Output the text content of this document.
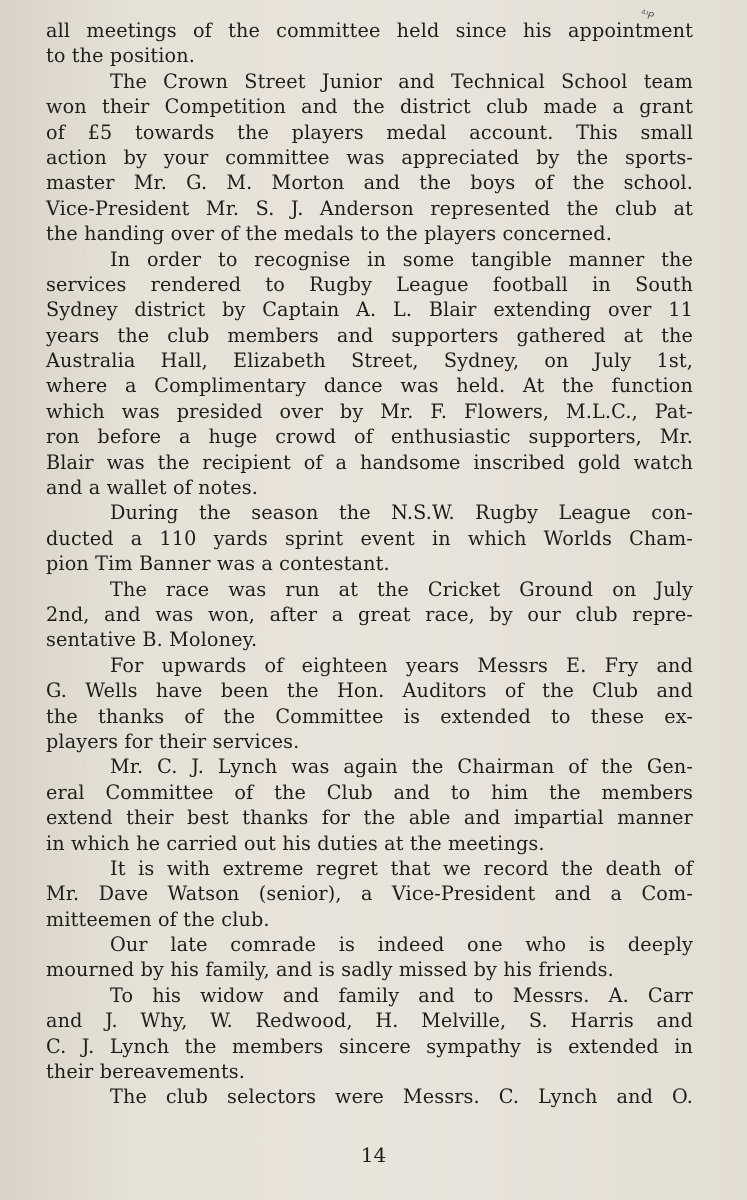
ᐞᑊᑭ
all meetings of the committee held since his appointment
to the position.
The Crown Street Junior and Technical School team
won their Competition and the district club made a grant
of £5 towards the players medal account. This small
action by your committee was appreciated by the sports-
master Mr. G. M. Morton and the boys of the school.
Vice-President Mr. S. J. Anderson represented the club at
the handing over of the medals to the players concerned.
In order to recognise in some tangible manner the
services rendered to Rugby League football in South
Sydney district by Captain A. L. Blair extending over 11
years the club members and supporters gathered at the
Australia Hall, Elizabeth Street, Sydney, on July 1st,
where a Complimentary dance was held. At the function
which was presided over by Mr. F. Flowers, M.L.C., Pat-
ron before a huge crowd of enthusiastic supporters, Mr.
Blair was the recipient of a handsome inscribed gold watch
and a wallet of notes.
During the season the N.S.W. Rugby League con-
ducted a 110 yards sprint event in which Worlds Cham-
pion Tim Banner was a contestant.
The race was run at the Cricket Ground on July
2nd, and was won, after a great race, by our club repre-
sentative B. Moloney.
For upwards of eighteen years Messrs E. Fry and
G. Wells have been the Hon. Auditors of the Club and
the thanks of the Committee is extended to these ex-
players for their services.
Mr. C. J. Lynch was again the Chairman of the Gen-
eral Committee of the Club and to him the members
extend their best thanks for the able and impartial manner
in which he carried out his duties at the meetings.
It is with extreme regret that we record the death of
Mr. Dave Watson (senior), a Vice-President and a Com-
mitteemen of the club.
Our late comrade is indeed one who is deeply
mourned by his family, and is sadly missed by his friends.
To his widow and family and to Messrs. A. Carr
and J. Why, W. Redwood, H. Melville, S. Harris and
C. J. Lynch the members sincere sympathy is extended in
their bereavements.
The club selectors were Messrs. C. Lynch and O.
14
